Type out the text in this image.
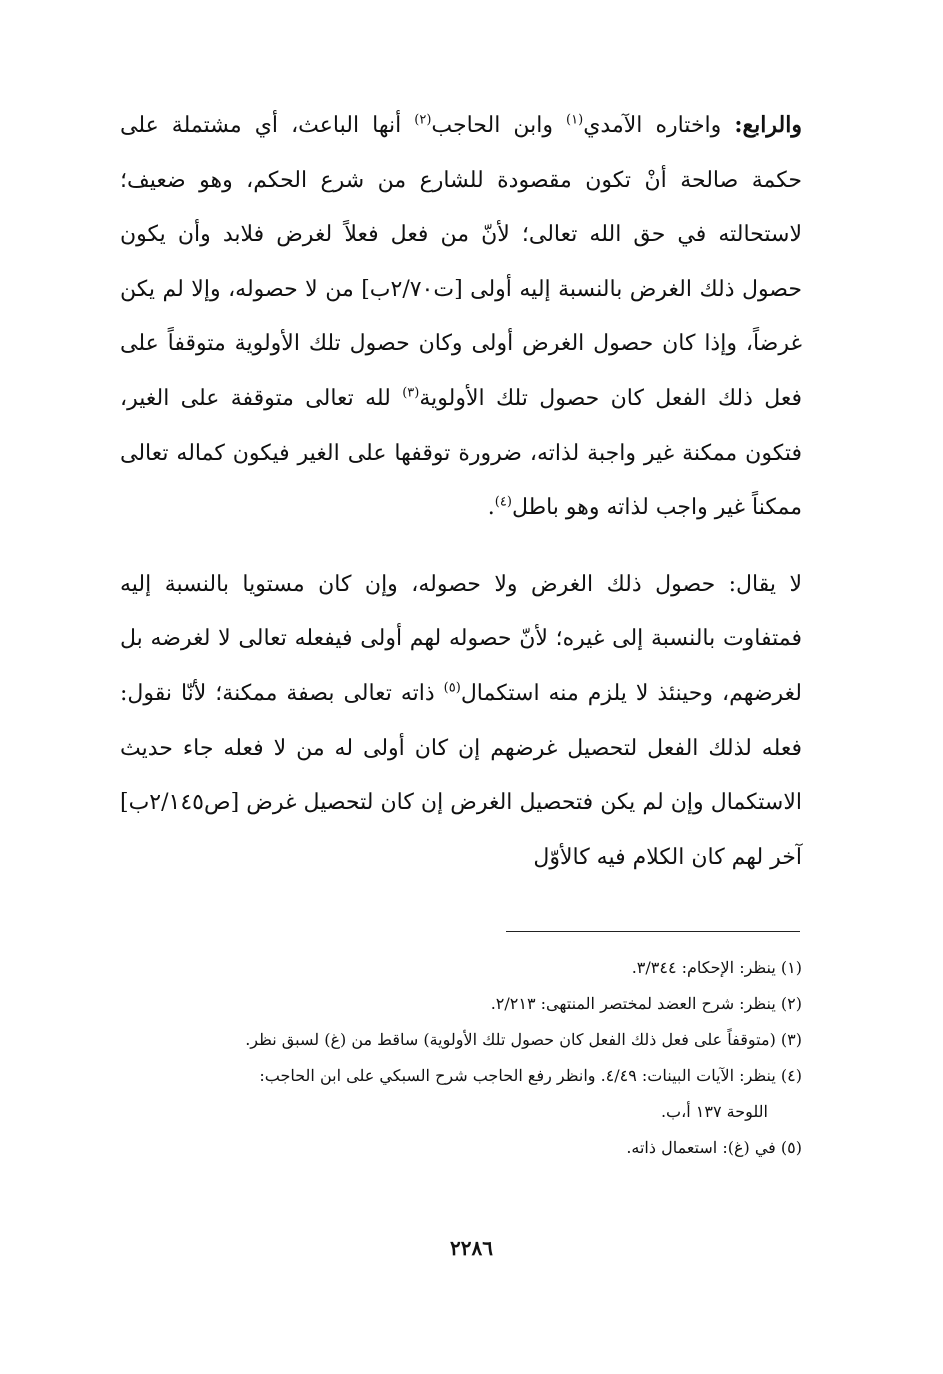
والرابع: واختاره الآمدي$^{(١)}$ وابن الحاجب$^{(٢)}$ أنها الباعث، أي مشتملة على حكمة صالحة أنْ تكون مقصودة للشارع من شرع الحكم، وهو ضعيف؛ لاستحالته في حق الله تعالى؛ لأنّ من فعل فعلاً لغرض فلابد وأن يكون حصول ذلك الغرض بالنسبة إليه أولى [ت٢/٧٠ب] من لا حصوله، وإلا لم يكن غرضاً، وإذا كان حصول الغرض أولى وكان حصول تلك الأولوية متوقفاً على فعل ذلك الفعل كان حصول تلك الأولوية$^{(٣)}$ لله تعالى متوقفة على الغير، فتكون ممكنة غير واجبة لذاته، ضرورة توقفها على الغير فيكون كماله تعالى ممكناً غير واجب لذاته وهو باطل$^{(٤)}$.

لا يقال: حصول ذلك الغرض ولا حصوله، وإن كان مستويا بالنسبة إليه فمتفاوت بالنسبة إلى غيره؛ لأنّ حصوله لهم أولى فيفعله تعالى لا لغرضه بل لغرضهم، وحينئذ لا يلزم منه استكمال$^{(٥)}$ ذاته تعالى بصفة ممكنة؛ لأنّا نقول: فعله لذلك الفعل لتحصيل غرضهم إن كان أولى له من لا فعله جاء حديث الاستكمال وإن لم يكن فتحصيل الغرض إن كان لتحصيل غرض [ص٢/١٤٥ب] آخر لهم كان الكلام فيه كالأوّل

(١) ينظر: الإحكام: ٣/٣٤٤.

(٢) ينظر: شرح العضد لمختصر المنتهى: ٢/٢١٣.

(٣) (متوقفاً على فعل ذلك الفعل كان حصول تلك الأولوية) ساقط من (غ) لسبق نظر.

(٤) ينظر: الآيات البينات: ٤/٤٩. وانظر رفع الحاجب شرح السبكي على ابن الحاجب:
اللوحة ١٣٧ أ،ب.

(٥) في (غ): استعمال ذاته.

٢٢٨٦
